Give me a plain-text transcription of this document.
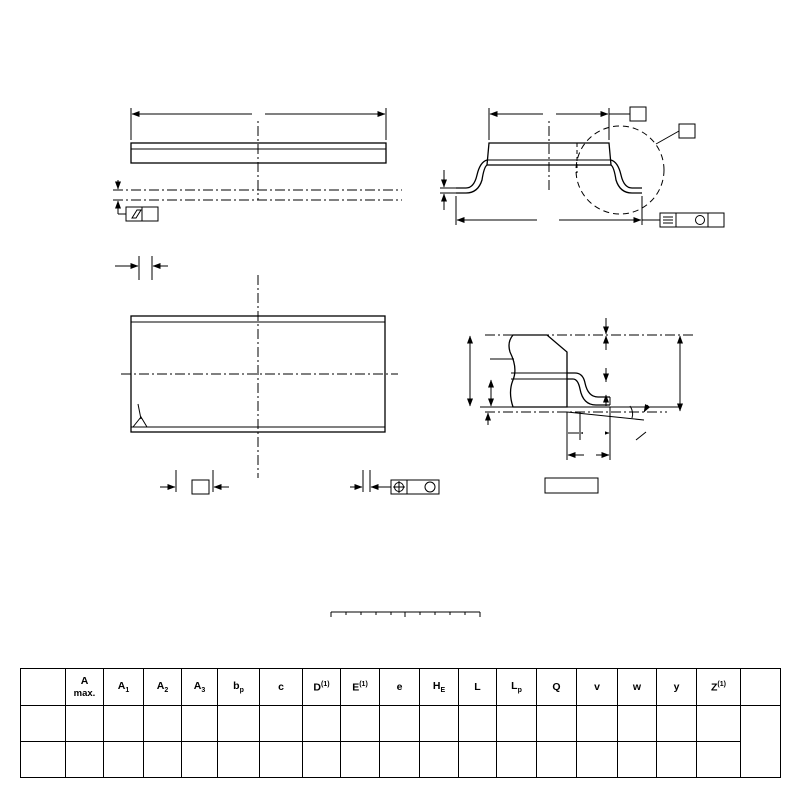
	A
max.	$A_1$	$A_2$	$A_3$	$b_p$	c	$D^{(1)}$	$E^{(1)}$	e	$H_E$	L	$L_p$	Q	v	w	y	$Z^{(1)}$	
